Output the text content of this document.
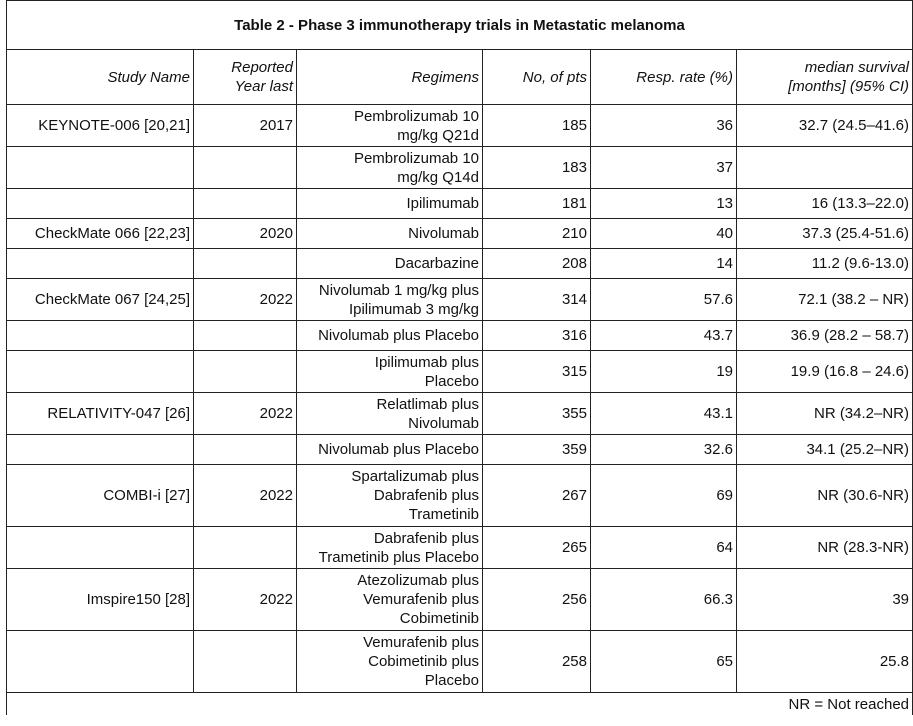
Table 2 - Phase 3 immunotherapy trials in Metastatic melanoma					
Study Name	Reported
Year last	Regimens	No, of pts	Resp. rate (%)	median survival
[months] (95% CI)
KEYNOTE-006 [20,21]	2017	Pembrolizumab 10
mg/kg Q21d	185	36	32.7 (24.5–41.6)
		Pembrolizumab 10
mg/kg Q14d	183	37	
		Ipilimumab	181	13	16 (13.3–22.0)
CheckMate 066 [22,23]	2020	Nivolumab	210	40	37.3 (25.4-51.6)
		Dacarbazine	208	14	11.2 (9.6-13.0)
CheckMate 067 [24,25]	2022	Nivolumab 1 mg/kg plus
Ipilimumab 3 mg/kg	314	57.6	72.1 (38.2 – NR)
		Nivolumab plus Placebo	316	43.7	36.9 (28.2 – 58.7)
		Ipilimumab plus
Placebo	315	19	19.9 (16.8 – 24.6)
RELATIVITY-047 [26]	2022	Relatlimab plus
Nivolumab	355	43.1	NR (34.2–NR)
		Nivolumab plus Placebo	359	32.6	34.1 (25.2–NR)
COMBI-i [27]	2022	Spartalizumab plus
Dabrafenib plus
Trametinib	267	69	NR (30.6-NR)
		Dabrafenib plus
Trametinib plus Placebo	265	64	NR (28.3-NR)
Imspire150 [28]	2022	Atezolizumab plus
Vemurafenib plus
Cobimetinib	256	66.3	39
		Vemurafenib plus
Cobimetinib plus
Placebo	258	65	25.8
NR = Not reached					
